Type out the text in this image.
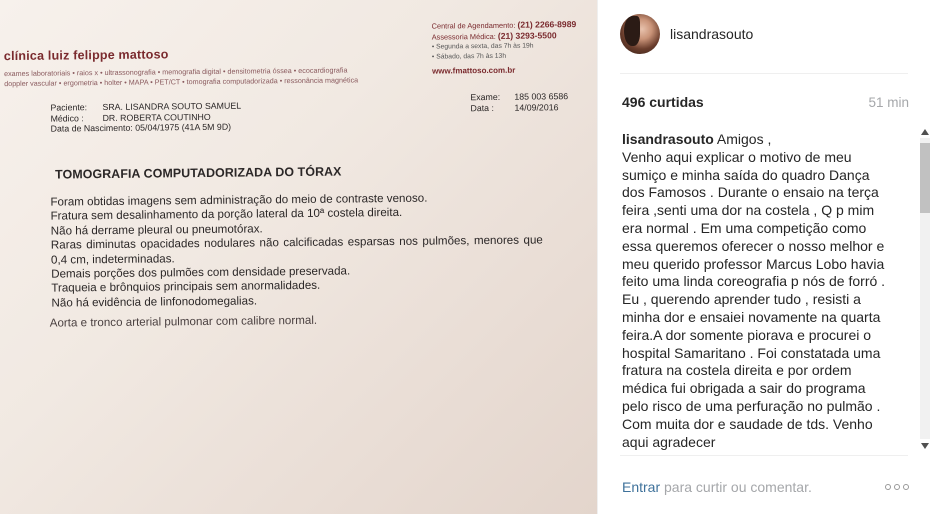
clínica luiz felippe mattoso
exames laboratoriais • raios x • ultrassonografia • memografia digital • densitometria óssea • ecocardiografia
doppler vascular • ergometria • holter • MAPA • PET/CT • tomografia computadorizada • ressonância magnética
Central de Agendamento: (21) 2266-8989
Assessoria Médica: (21) 3293-5500
• Segunda a sexta, das 7h às 19h
• Sábado, das 7h às 13h
www.fmattoso.com.br
Paciente: SRA. LISANDRA SOUTO SAMUEL
Médico : DR. ROBERTA COUTINHO
Data de Nascimento: 05/04/1975 (41A 5M 9D)
Exame: 185 003 6586
Data : 14/09/2016
TOMOGRAFIA COMPUTADORIZADA DO TÓRAX

Foram obtidas imagens sem administração do meio de contraste venoso.

Fratura sem desalinhamento da porção lateral da 10ª costela direita.

Não há derrame pleural ou pneumotórax.

Raras diminutas opacidades nodulares não calcificadas esparsas nos pulmões, menores que 0,4 cm, indeterminadas.

Demais porções dos pulmões com densidade preservada.

Traqueia e brônquios principais sem anormalidades.

Não há evidência de linfonodomegalias.

Aorta e tronco arterial pulmonar com calibre normal.
lisandrasouto
496 curtidas	51 min
lisandrasouto Amigos ,
Venho aqui explicar o motivo de meu sumiço e minha saída do quadro Dança dos Famosos . Durante o ensaio na terça feira ,senti uma dor na costela , Q p mim era normal . Em uma competição como essa queremos oferecer o nosso melhor e meu querido professor Marcus Lobo havia feito uma linda coreografia p nós de forró . Eu , querendo aprender tudo , resisti a minha dor e ensaiei novamente na quarta feira.A dor somente piorava e procurei o hospital Samaritano . Foi constatada uma fratura na costela direita e por ordem médica fui obrigada a sair do programa pelo risco de uma perfuração no pulmão . Com muita dor e saudade de tds. Venho aqui agradecer
Entrar para curtir ou comentar.
